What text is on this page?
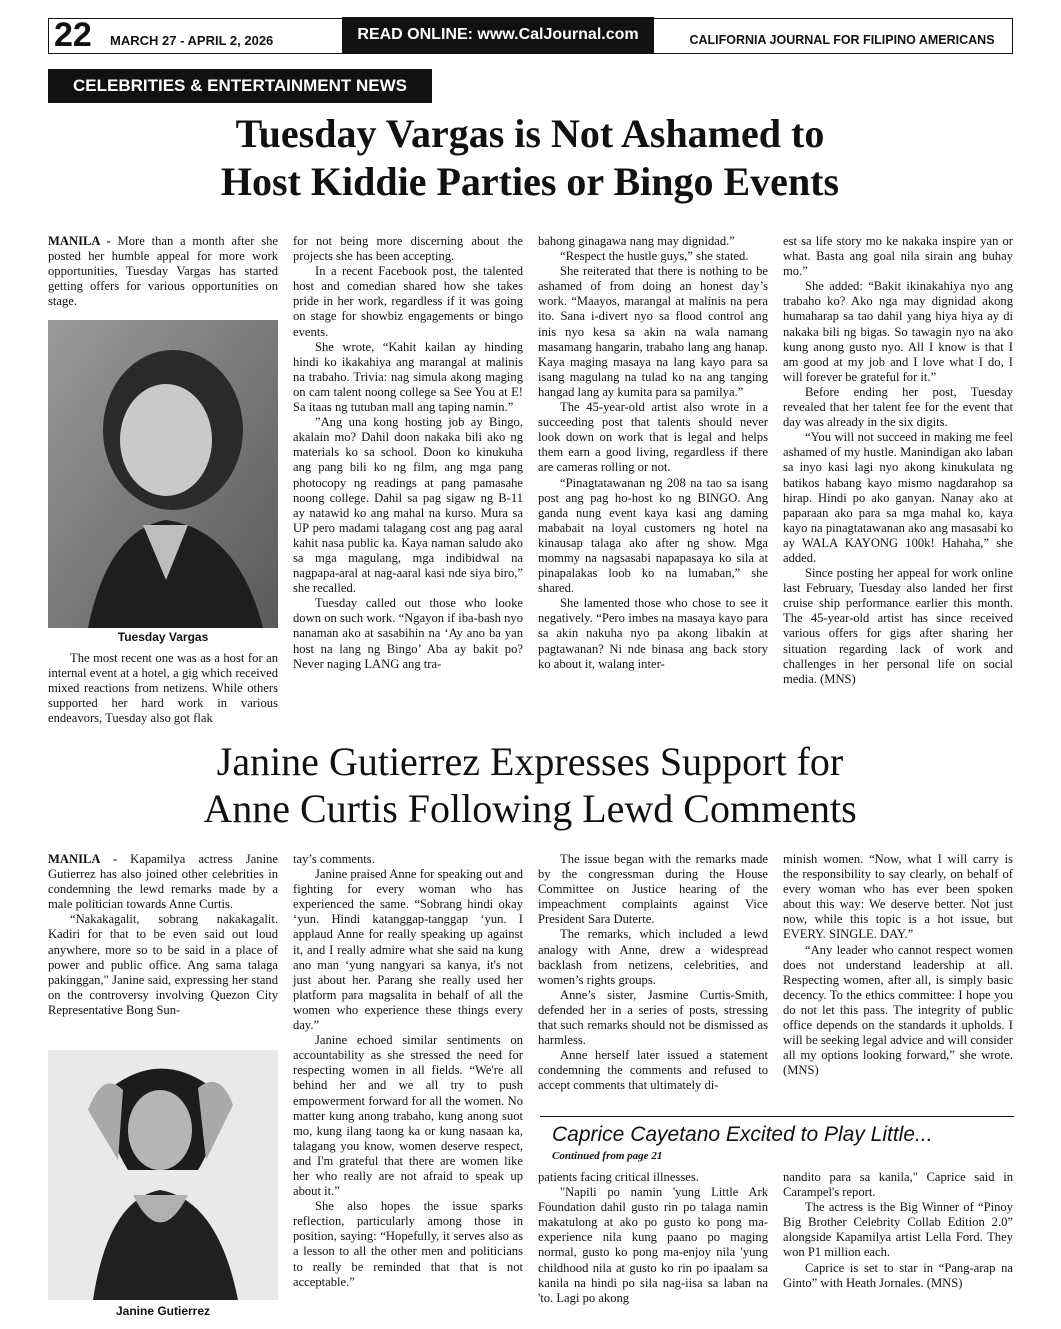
22 MARCH 27 - APRIL 2, 2026	READ ONLINE: www.CalJournal.com	CALIFORNIA JOURNAL FOR FILIPINO AMERICANS
CELEBRITIES & ENTERTAINMENT NEWS
Tuesday Vargas is Not Ashamed to
Host Kiddie Parties or Bingo Events

MANILA - More than a month after she posted her humble appeal for more work opportunities, Tuesday Vargas has started getting offers for various opportunities on stage.

Tuesday Vargas

The most recent one was as a host for an internal event at a hotel, a gig which received mixed reactions from netizens. While others supported her hard work in various endeavors, Tuesday also got flak

for not being more discerning about the projects she has been accepting.

In a recent Facebook post, the talented host and comedian shared how she takes pride in her work, regardless if it was going on stage for showbiz engagements or bingo events.

She wrote, “Kahit kailan ay hinding hindi ko ikakahiya ang marangal at malinis na trabaho. Trivia: nag simula akong maging on cam talent noong college sa See You at E! Sa itaas ng tutuban mall ang taping namin.”

”Ang una kong hosting job ay Bingo, akalain mo? Dahil doon nakaka bili ako ng materials ko sa school. Doon ko kinukuha ang pang bili ko ng film, ang mga pang photocopy ng readings at pang pamasahe noong college. Dahil sa pag sigaw ng B-11 ay natawid ko ang mahal na kurso. Mura sa UP pero madami talagang cost ang pag aaral kahit nasa public ka. Kaya naman saludo ako sa mga magulang, mga indibidwal na nagpapa-aral at nag-aaral kasi nde siya biro,” she recalled.

Tuesday called out those who looke down on such work. “Ngayon if iba-bash nyo nanaman ako at sasabihin na ‘Ay ano ba yan host na lang ng Bingo’ Aba ay bakit po? Never naging LANG ang tra-

bahong ginagawa nang may dignidad.”

“Respect the hustle guys,” she stated.

She reiterated that there is nothing to be ashamed of from doing an honest day’s work. “Maayos, marangal at malinis na pera ito. Sana i-divert nyo sa flood control ang inis nyo kesa sa akin na wala namang masamang hangarin, trabaho lang ang hanap. Kaya maging masaya na lang kayo para sa isang magulang na tulad ko na ang tanging hangad lang ay kumita para sa pamilya.”

The 45-year-old artist also wrote in a succeeding post that talents should never look down on work that is legal and helps them earn a good living, regardless if there are cameras rolling or not.

“Pinagtatawanan ng 208 na tao sa isang post ang pag ho-host ko ng BINGO. Ang ganda nung event kaya kasi ang daming mababait na loyal customers ng hotel na kinausap talaga ako after ng show. Mga mommy na nagsasabi napapasaya ko sila at pinapalakas loob ko na lumaban,” she shared.

She lamented those who chose to see it negatively. “Pero imbes na masaya kayo para sa akin nakuha nyo pa akong libakin at pagtawanan? Ni nde binasa ang back story ko about it, walang inter-

est sa life story mo ke nakaka inspire yan or what. Basta ang goal nila sirain ang buhay mo.”

She added: “Bakit ikinakahiya nyo ang trabaho ko? Ako nga may dignidad akong humaharap sa tao dahil yang hiya hiya ay di nakaka bili ng bigas. So tawagin nyo na ako kung anong gusto nyo. All I know is that I am good at my job and I love what I do, I will forever be grateful for it.”

Before ending her post, Tuesday revealed that her talent fee for the event that day was already in the six digits.

“You will not succeed in making me feel ashamed of my hustle. Manindigan ako laban sa inyo kasi lagi nyo akong kinukulata ng batikos habang kayo mismo nagdarahop sa hirap. Hindi po ako ganyan. Nanay ako at paparaan ako para sa mga mahal ko, kaya kayo na pinagtatawanan ako ang masasabi ko ay WALA KAYONG 100k! Hahaha,” she added.

Since posting her appeal for work online last February, Tuesday also landed her first cruise ship performance earlier this month. The 45-year-old artist has since received various offers for gigs after sharing her situation regarding lack of work and challenges in her personal life on social media. (MNS)

Janine Gutierrez Expresses Support for
Anne Curtis Following Lewd Comments

MANILA - Kapamilya actress Janine Gutierrez has also joined other celebrities in condemning the lewd remarks made by a male politician towards Anne Curtis.

“Nakakagalit, sobrang nakakagalit. Kadiri for that to be even said out loud anywhere, more so to be said in a place of power and public office. Ang sama talaga pakinggan," Janine said, expressing her stand on the controversy involving Quezon City Representative Bong Sun-

Janine Gutierrez

tay’s comments.

Janine praised Anne for speaking out and fighting for every woman who has experienced the same. “Sobrang hindi okay ‘yun. Hindi katanggap-tanggap ‘yun. I applaud Anne for really speaking up against it, and I really admire what she said na kung ano man ‘yung nangyari sa kanya, it's not just about her. Parang she really used her platform para magsalita in behalf of all the women who experience these things every day.”

Janine echoed similar sentiments on accountability as she stressed the need for respecting women in all fields. “We're all behind her and we all try to push empowerment forward for all the women. No matter kung anong trabaho, kung anong suot mo, kung ilang taong ka or kung nasaan ka, talagang you know, women deserve respect, and I'm grateful that there are women like her who really are not afraid to speak up about it.”

She also hopes the issue sparks reflection, particularly among those in position, saying: “Hopefully, it serves also as a lesson to all the other men and politicians to really be reminded that that is not acceptable.”

The issue began with the remarks made by the congressman during the House Committee on Justice hearing of the impeachment complaints against Vice President Sara Duterte.

The remarks, which included a lewd analogy with Anne, drew a widespread backlash from netizens, celebrities, and women’s rights groups.

Anne’s sister, Jasmine Curtis-Smith, defended her in a series of posts, stressing that such remarks should not be dismissed as harmless.

Anne herself later issued a statement condemning the comments and refused to accept comments that ultimately di-

minish women. “Now, what I will carry is the responsibility to say clearly, on behalf of every woman who has ever been spoken about this way: We deserve better. Not just now, while this topic is a hot issue, but EVERY. SINGLE. DAY.”

“Any leader who cannot respect women does not understand leadership at all. Respecting women, after all, is simply basic decency. To the ethics committee: I hope you do not let this pass. The integrity of public office depends on the standards it upholds. I will be seeking legal advice and will consider all my options looking forward,” she wrote. (MNS)

Caprice Cayetano Excited to Play Little...
Continued from page 21

patients facing critical illnesses.

"Napili po namin 'yung Little Ark Foundation dahil gusto rin po talaga namin makatulong at ako po gusto ko pong ma-experience nila kung paano po maging normal, gusto ko pong ma-enjoy nila 'yung childhood nila at gusto ko rin po ipaalam sa kanila na hindi po sila nag-iisa sa laban na 'to. Lagi po akong

nandito para sa kanila," Caprice said in Carampel's report.

The actress is the Big Winner of “Pinoy Big Brother Celebrity Collab Edition 2.0” alongside Kapamilya artist Lella Ford. They won P1 million each.

Caprice is set to star in “Pang-arap na Ginto” with Heath Jornales. (MNS)
